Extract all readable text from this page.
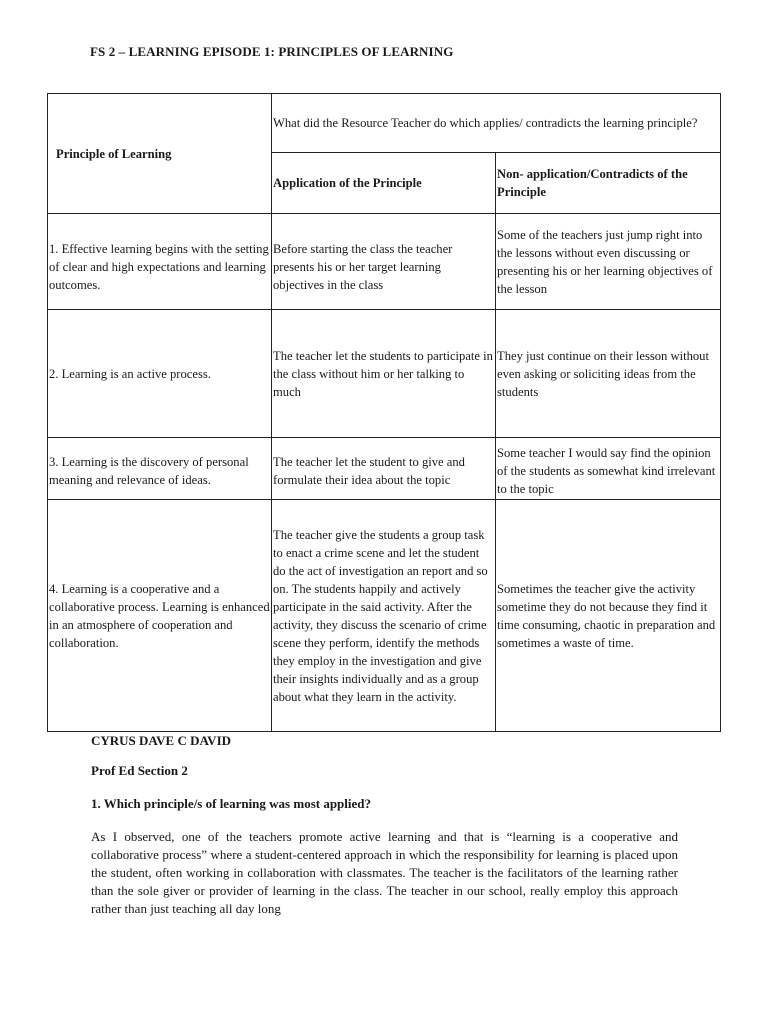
FS 2 – LEARNING EPISODE 1: PRINCIPLES OF LEARNING
Principle of Learning	What did the Resource Teacher do which applies/ contradicts the learning principle?	
	Application of the Principle	Non- application/Contradicts of the Principle
1. Effective learning begins with the setting of clear and high expectations and learning outcomes.	Before starting the class the teacher presents his or her target learning objectives in the class	Some of the teachers just jump right into the lessons without even discussing or presenting his or her learning objectives of the lesson
2. Learning is an active process.	The teacher let the students to participate in the class without him or her talking to much	They just continue on their lesson without even asking or soliciting ideas from the students
3. Learning is the discovery of personal meaning and relevance of ideas.	The teacher let the student to give and formulate their idea about the topic	Some teacher I would say find the opinion of the students as somewhat kind irrelevant to the topic
4. Learning is a cooperative and a collaborative process. Learning is enhanced in an atmosphere of cooperation and collaboration.	The teacher give the students a group task to enact a crime scene and let the student do the act of investigation an report and so on. The students happily and actively participate in the said activity. After the activity, they discuss the scenario of crime scene they perform, identify the methods they employ in the investigation and give their insights individually and as a group about what they learn in the activity.	Sometimes the teacher give the activity sometime they do not because they find it time consuming, chaotic in preparation and sometimes a waste of time.
CYRUS DAVE C DAVID
Prof Ed Section 2
1. Which principle/s of learning was most applied?
As I observed, one of the teachers promote active learning and that is “learning is a cooperative and collaborative process” where a student-centered approach in which the responsibility for learning is placed upon the student, often working in collaboration with classmates. The teacher is the facilitators of the learning rather than the sole giver or provider of learning in the class. The teacher in our school, really employ this approach rather than just teaching all day long
